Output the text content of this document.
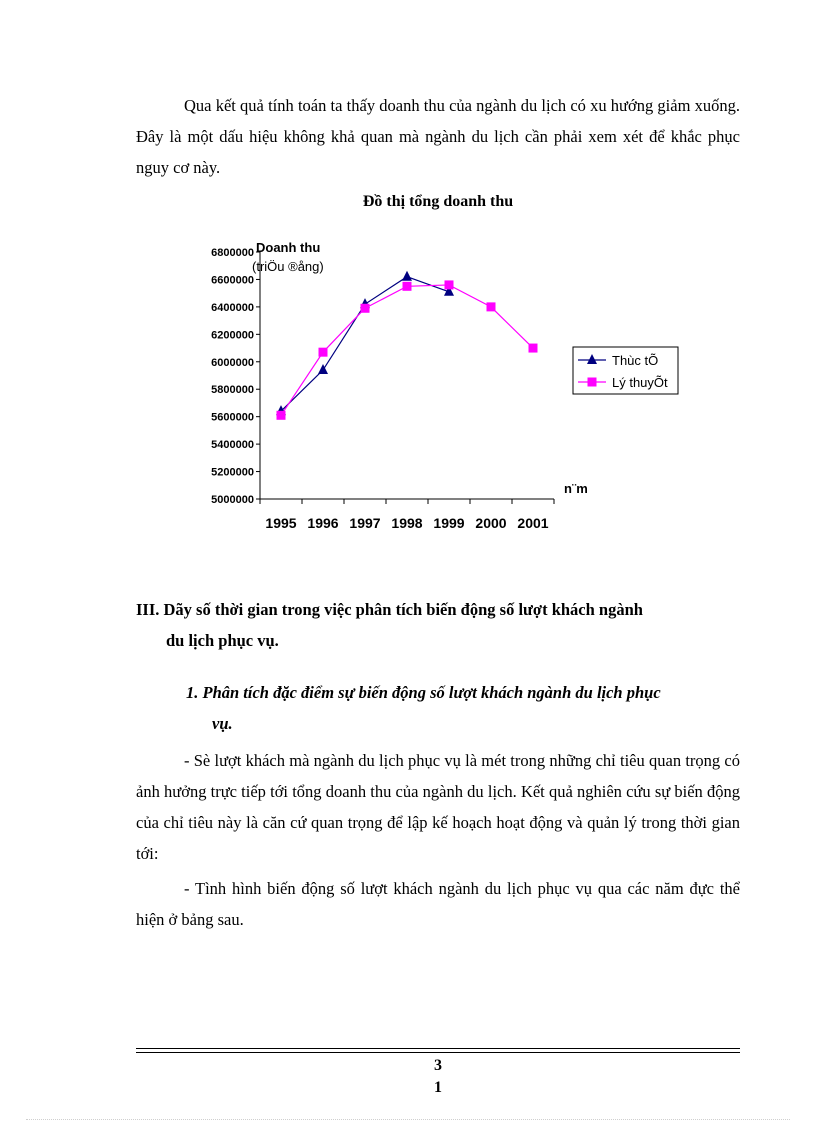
Qua kết quả tính toán ta thấy doanh thu của ngành du lịch có xu hướng giảm xuống. Đây là một dấu hiệu không khả quan mà ngành du lịch cần phải xem xét để khắc phục nguy cơ này.

Đồ thị tổng doanh thu
6800000
6600000
6400000
6200000
6000000
5800000
5600000
5400000
5200000
5000000
1995 1996 1997 1998 1999 2000 2001
Doanh thu
(triÖu ®ång)
n¨m
Thùc tÕ
Lý thuyÕt
III. Dãy số thời gian trong việc phân tích biến động số lượt khách ngành
du lịch phục vụ.
1. Phân tích đặc điểm sự biến động số lượt khách ngành du lịch phục
vụ.

- Sè lượt khách mà ngành du lịch phục vụ là mét trong những chỉ tiêu quan trọng có ảnh hưởng trực tiếp tới tổng doanh thu của ngành du lịch. Kết quả nghiên cứu sự biến động của chỉ tiêu này là căn cứ quan trọng để lập kế hoạch hoạt động và quản lý trong thời gian tới:

- Tình hình biến động số lượt khách ngành du lịch phục vụ qua các năm đực thể hiện ở bảng sau.

3
1
